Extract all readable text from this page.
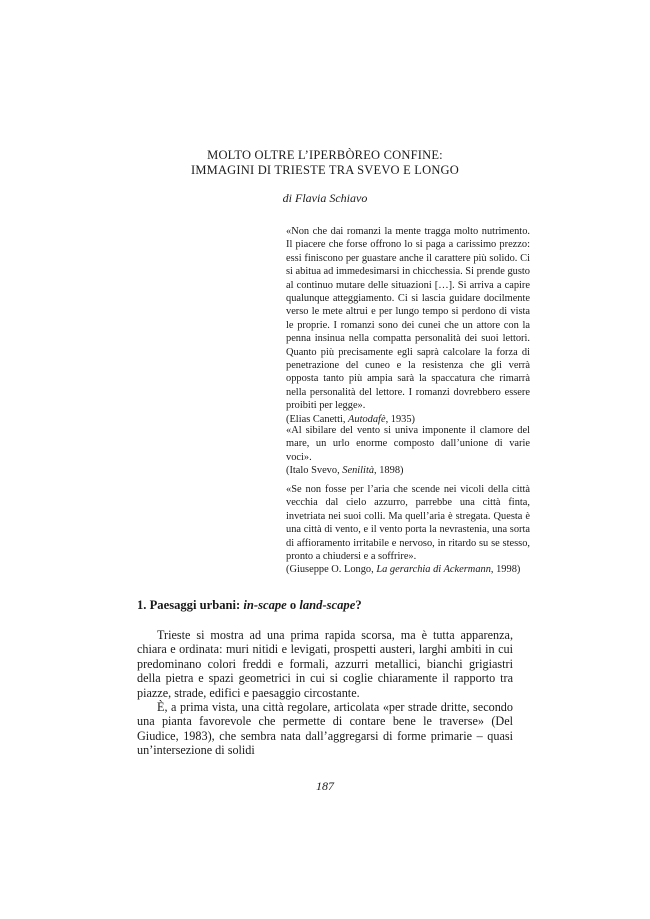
MOLTO OLTRE L’IPERBÒREO CONFINE:
IMMAGINI DI TRIESTE TRA SVEVO E LONGO
di Flavia Schiavo

«Non che dai romanzi la mente tragga molto nutrimento. Il piacere che forse offrono lo si paga a carissimo prezzo: essi finiscono per guastare anche il carattere più solido. Ci si abitua ad immedesimarsi in chicchessia. Si prende gusto al continuo mutare delle situazioni […]. Si arriva a capire qualunque atteggiamento. Ci si lascia guidare docilmente verso le mete altrui e per lungo tempo si perdono di vista le proprie. I romanzi sono dei cunei che un attore con la penna insinua nella compatta personalità dei suoi lettori. Quanto più precisamente egli saprà calcolare la forza di penetrazione del cuneo e la resistenza che gli verrà opposta tanto più ampia sarà la spaccatura che rimarrà nella personalità del lettore. I romanzi dovrebbero essere proibiti per legge».

(Elias Canetti, Autodafè, 1935)

«Al sibilare del vento si univa imponente il clamore del mare, un urlo enorme composto dall’unione di varie voci».

(Italo Svevo, Senilità, 1898)

«Se non fosse per l’aria che scende nei vicoli della città vecchia dal cielo azzurro, parrebbe una città finta, invetriata nei suoi colli. Ma quell’aria è stregata. Questa è una città di vento, e il vento porta la nevrastenia, una sorta di affioramento irritabile e nervoso, in ritardo su se stesso, pronto a chiudersi e a soffrire».

(Giuseppe O. Longo, La gerarchia di Ackermann, 1998)

1. Paesaggi urbani: in-scape o land-scape?

Trieste si mostra ad una prima rapida scorsa, ma è tutta apparenza, chiara e ordinata: muri nitidi e levigati, prospetti austeri, larghi ambiti in cui predominano colori freddi e formali, azzurri metallici, bianchi grigiastri della pietra e spazi geometrici in cui si coglie chiaramente il rapporto tra piazze, strade, edifici e paesaggio circostante.

È, a prima vista, una città regolare, articolata «per strade dritte, secondo una pianta favorevole che permette di contare bene le traverse» (Del Giudice, 1983), che sembra nata dall’aggregarsi di forme primarie – quasi un’intersezione di solidi

187
